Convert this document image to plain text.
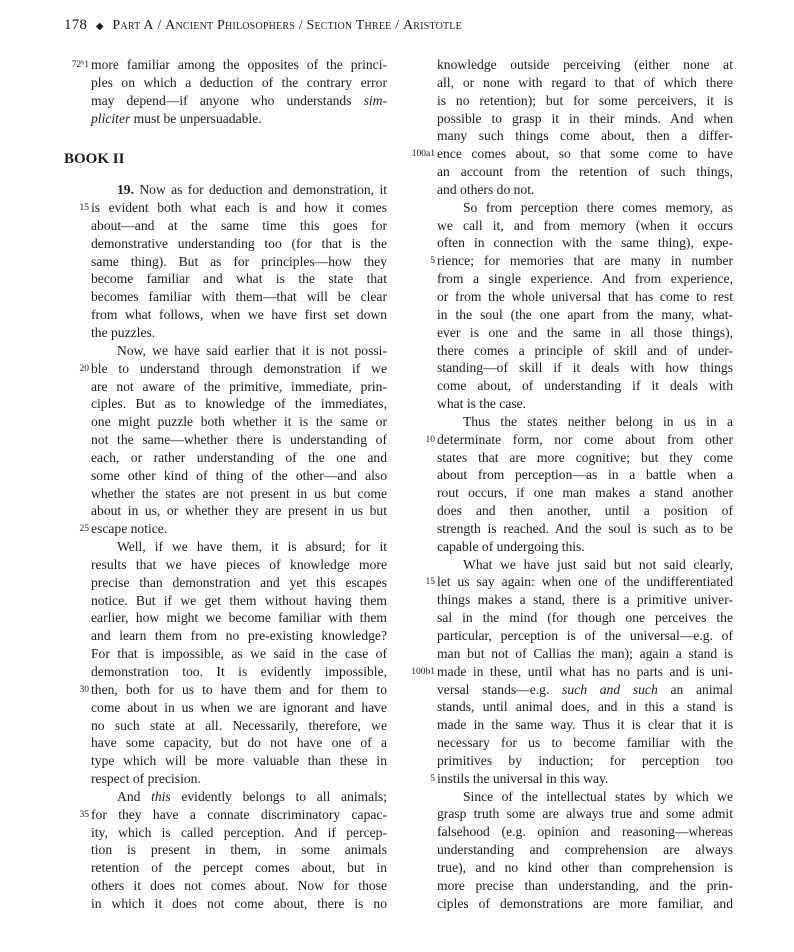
178 ◆ Part A / Ancient Philosophers / Section Three / Aristotle
72ᵇ1 more familiar among the opposites of the princi-
ples on which a deduction of the contrary error
may depend—if anyone who understands sim-
pliciter must be unpersuadable.
BOOK II
19. Now as for deduction and demonstration, it
15 is evident both what each is and how it comes
about—and at the same time this goes for
demonstrative understanding too (for that is the
same thing). But as for principles—how they
become familiar and what is the state that
becomes familiar with them—that will be clear
from what follows, when we have first set down
the puzzles.
Now, we have said earlier that it is not possi-
20 ble to understand through demonstration if we
are not aware of the primitive, immediate, prin-
ciples. But as to knowledge of the immediates,
one might puzzle both whether it is the same or
not the same—whether there is understanding of
each, or rather understanding of the one and
some other kind of thing of the other—and also
whether the states are not present in us but come
about in us, or whether they are present in us but
25 escape notice.
Well, if we have them, it is absurd; for it
results that we have pieces of knowledge more
precise than demonstration and yet this escapes
notice. But if we get them without having them
earlier, how might we become familiar with them
and learn them from no pre-existing knowledge?
For that is impossible, as we said in the case of
demonstration too. It is evidently impossible,
30 then, both for us to have them and for them to
come about in us when we are ignorant and have
no such state at all. Necessarily, therefore, we
have some capacity, but do not have one of a
type which will be more valuable than these in
respect of precision.
And this evidently belongs to all animals;
35 for they have a connate discriminatory capac-
ity, which is called perception. And if percep-
tion is present in them, in some animals
retention of the percept comes about, but in
others it does not comes about. Now for those
in which it does not come about, there is no
knowledge outside perceiving (either none at
all, or none with regard to that of which there
is no retention); but for some perceivers, it is
possible to grasp it in their minds. And when
many such things come about, then a differ-
100a1 ence comes about, so that some come to have
an account from the retention of such things,
and others do not.
So from perception there comes memory, as
we call it, and from memory (when it occurs
often in connection with the same thing), expe-
5 rience; for memories that are many in number
from a single experience. And from experience,
or from the whole universal that has come to rest
in the soul (the one apart from the many, what-
ever is one and the same in all those things),
there comes a principle of skill and of under-
standing—of skill if it deals with how things
come about, of understanding if it deals with
what is the case.
Thus the states neither belong in us in a
10 determinate form, nor come about from other
states that are more cognitive; but they come
about from perception—as in a battle when a
rout occurs, if one man makes a stand another
does and then another, until a position of
strength is reached. And the soul is such as to be
capable of undergoing this.
What we have just said but not said clearly,
15 let us say again: when one of the undifferentiated
things makes a stand, there is a primitive univer-
sal in the mind (for though one perceives the
particular, perception is of the universal—e.g. of
man but not of Callias the man); again a stand is
100b1 made in these, until what has no parts and is uni-
versal stands—e.g. such and such an animal
stands, until animal does, and in this a stand is
made in the same way. Thus it is clear that it is
necessary for us to become familiar with the
primitives by induction; for perception too
5 instils the universal in this way.
Since of the intellectual states by which we
grasp truth some are always true and some admit
falsehood (e.g. opinion and reasoning—whereas
understanding and comprehension are always
true), and no kind other than comprehension is
more precise than understanding, and the prin-
ciples of demonstrations are more familiar, and
